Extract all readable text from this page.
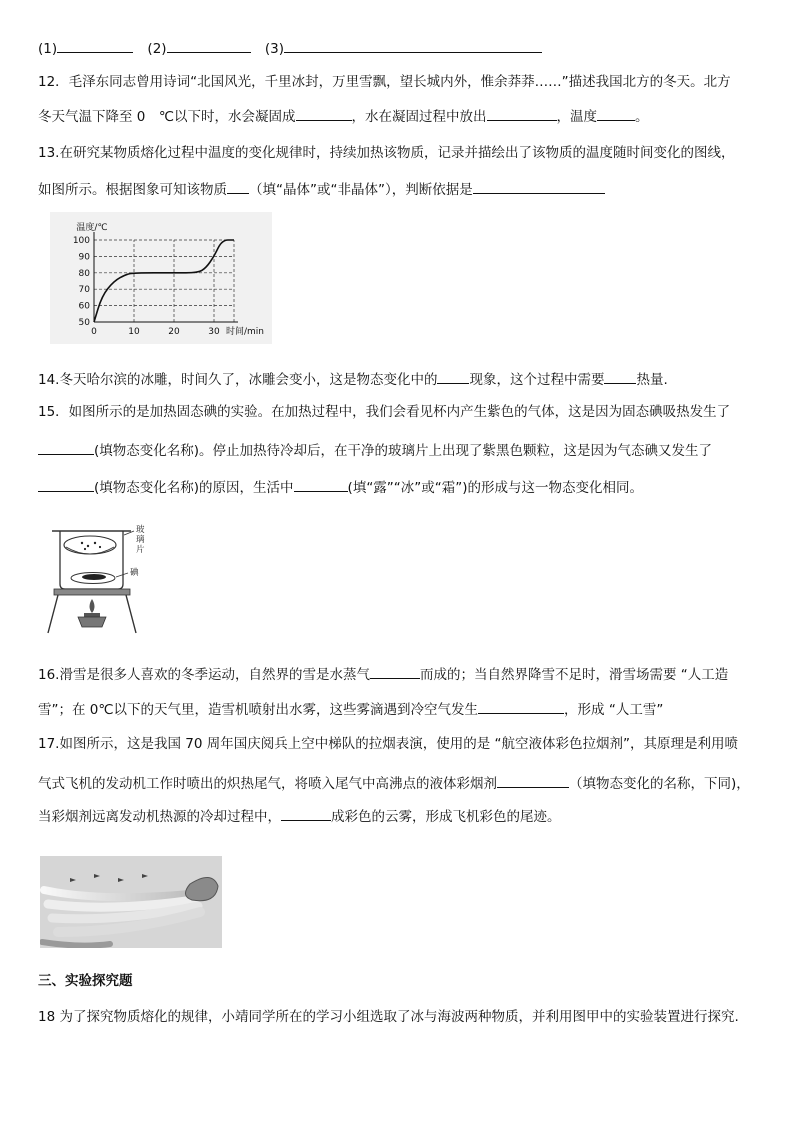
(1)	(2)	(3)
12．毛泽东同志曾用诗词“北国风光，千里冰封，万里雪飘，望长城内外，惟余莽莽……”描述我国北方的冬天。北方
冬天气温下降至 0　℃以下时，水会凝固成	，水在凝固过程中放出	，温度	。
13.在研究某物质熔化过程中温度的变化规律时，持续加热该物质，记录并描绘出了该物质的温度随时间变化的图线，
如图所示。根据图象可知该物质 （填“晶体”或“非晶体”），判断依据是
50
60
70
80
90
100
0	10	20	30
温度/℃
时间/min
14.冬天哈尔滨的冰雕，时间久了，冰雕会变小，这是物态变化中的 现象，这个过程中需要 热量.
15．如图所示的是加热固态碘的实验。在加热过程中，我们会看见杯内产生紫色的气体，这是因为固态碘吸热发生了
(填物态变化名称)。停止加热待冷却后，在干净的玻璃片上出现了紫黑色颗粒，这是因为气态碘又发生了
(填物态变化名称)的原因，生活中	(填“露”“冰”或“霜”)的形成与这一物态变化相同。
玻璃片
碘
16.滑雪是很多人喜欢的冬季运动，自然界的雪是水蒸气	而成的；当自然界降雪不足时，滑雪场需要 “人工造
雪”；在 0℃以下的天气里，造雪机喷射出水雾，这些雾滴遇到冷空气发生	，形成 “人工雪”
17.如图所示，这是我国 70 周年国庆阅兵上空中梯队的拉烟表演，使用的是 “航空液体彩色拉烟剂”，其原理是利用喷
气式飞机的发动机工作时喷出的炽热尾气，将喷入尾气中高沸点的液体彩烟剂	（填物态变化的名称，下同)，
当彩烟剂远离发动机热源的冷却过程中，	成彩色的云雾，形成飞机彩色的尾迹。
三、实验探究题
18 为了探究物质熔化的规律，小靖同学所在的学习小组选取了冰与海波两种物质，并利用图甲中的实验装置进行探究.
